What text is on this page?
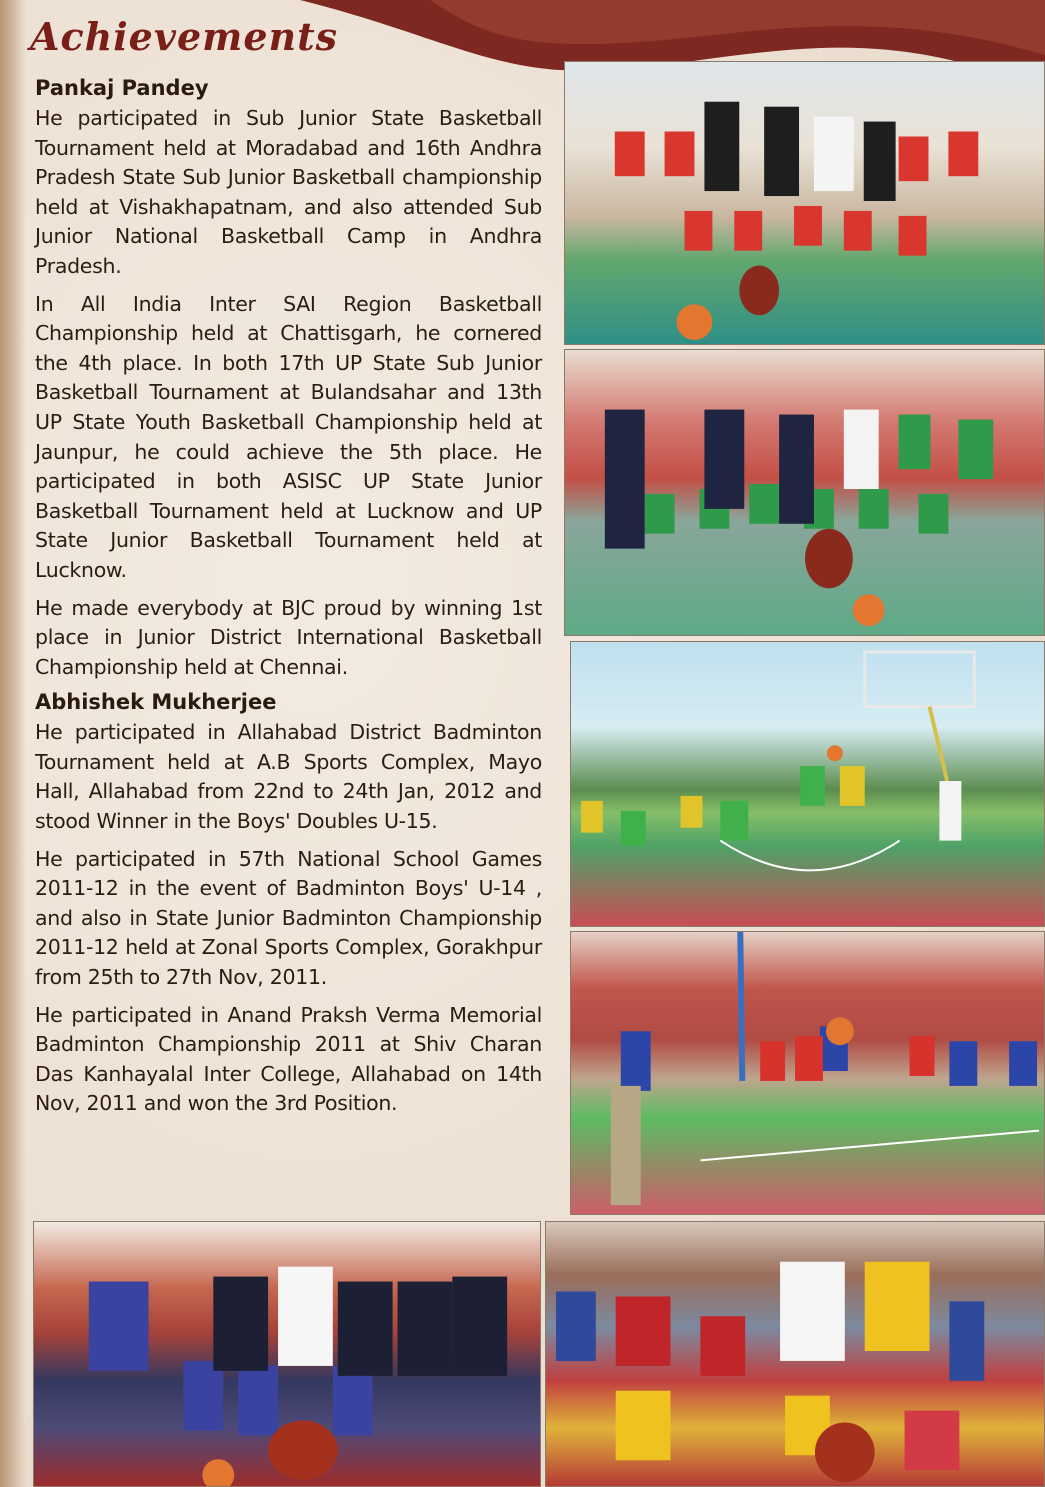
Achievements
Pankaj Pandey

He participated in Sub Junior State Basketball Tournament held at Moradabad and 16th Andhra Pradesh State Sub Junior Basketball championship held at Vishakhapatnam, and also attended Sub Junior National Basketball Camp in Andhra Pradesh.

In All India Inter SAI Region Basketball Championship held at Chattisgarh, he cornered the 4th place. In both 17th UP State Sub Junior Basketball Tournament at Bulandsahar and 13th UP State Youth Basketball Championship held at Jaunpur, he could achieve the 5th place. He participated in both ASISC UP State Junior Basketball Tournament held at Lucknow and UP State Junior Basketball Tournament held at Lucknow.

He made everybody at BJC proud by winning 1st place in Junior District International Basketball Championship held at Chennai.

Abhishek Mukherjee

He participated in Allahabad District Badminton Tournament held at A.B Sports Complex, Mayo Hall, Allahabad from 22nd to 24th Jan, 2012 and stood Winner in the Boys' Doubles U-15.

He participated in 57th National School Games 2011-12 in the event of Badminton Boys' U-14 , and also in State Junior Badminton Championship 2011-12 held at Zonal Sports Complex, Gorakhpur from 25th to 27th Nov, 2011.

He participated in Anand Praksh Verma Memorial Badminton Championship 2011 at Shiv Charan Das Kanhayalal Inter College, Allahabad on 14th Nov, 2011 and won the 3rd Position.
